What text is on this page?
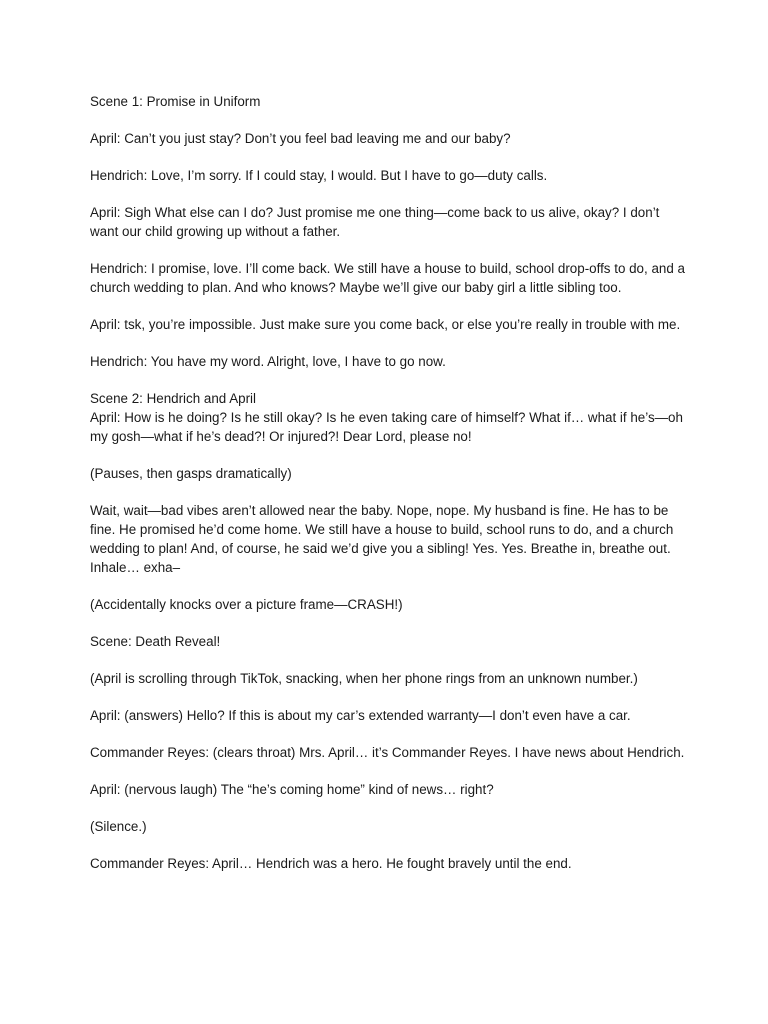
Scene 1: Promise in Uniform

April: Can’t you just stay? Don’t you feel bad leaving me and our baby?

Hendrich: Love, I’m sorry. If I could stay, I would. But I have to go—duty calls.

April: Sigh What else can I do? Just promise me one thing—come back to us alive, okay? I don’t want our child growing up without a father.

Hendrich: I promise, love. I’ll come back. We still have a house to build, school drop-offs to do, and a church wedding to plan. And who knows? Maybe we’ll give our baby girl a little sibling too.

April: tsk, you’re impossible. Just make sure you come back, or else you’re really in trouble with me.

Hendrich: You have my word. Alright, love, I have to go now.

Scene 2: Hendrich and April

April: How is he doing? Is he still okay? Is he even taking care of himself? What if… what if he’s—oh my gosh—what if he’s dead?! Or injured?! Dear Lord, please no!

(Pauses, then gasps dramatically)

Wait, wait—bad vibes aren’t allowed near the baby. Nope, nope. My husband is fine. He has to be fine. He promised he’d come home. We still have a house to build, school runs to do, and a church wedding to plan! And, of course, he said we’d give you a sibling! Yes. Yes. Breathe in, breathe out. Inhale… exha–

(Accidentally knocks over a picture frame—CRASH!)

Scene: Death Reveal!

(April is scrolling through TikTok, snacking, when her phone rings from an unknown number.)

April: (answers) Hello? If this is about my car’s extended warranty—I don’t even have a car.

Commander Reyes: (clears throat) Mrs. April… it’s Commander Reyes. I have news about Hendrich.

April: (nervous laugh) The “he’s coming home” kind of news… right?

(Silence.)

Commander Reyes: April… Hendrich was a hero. He fought bravely until the end.
